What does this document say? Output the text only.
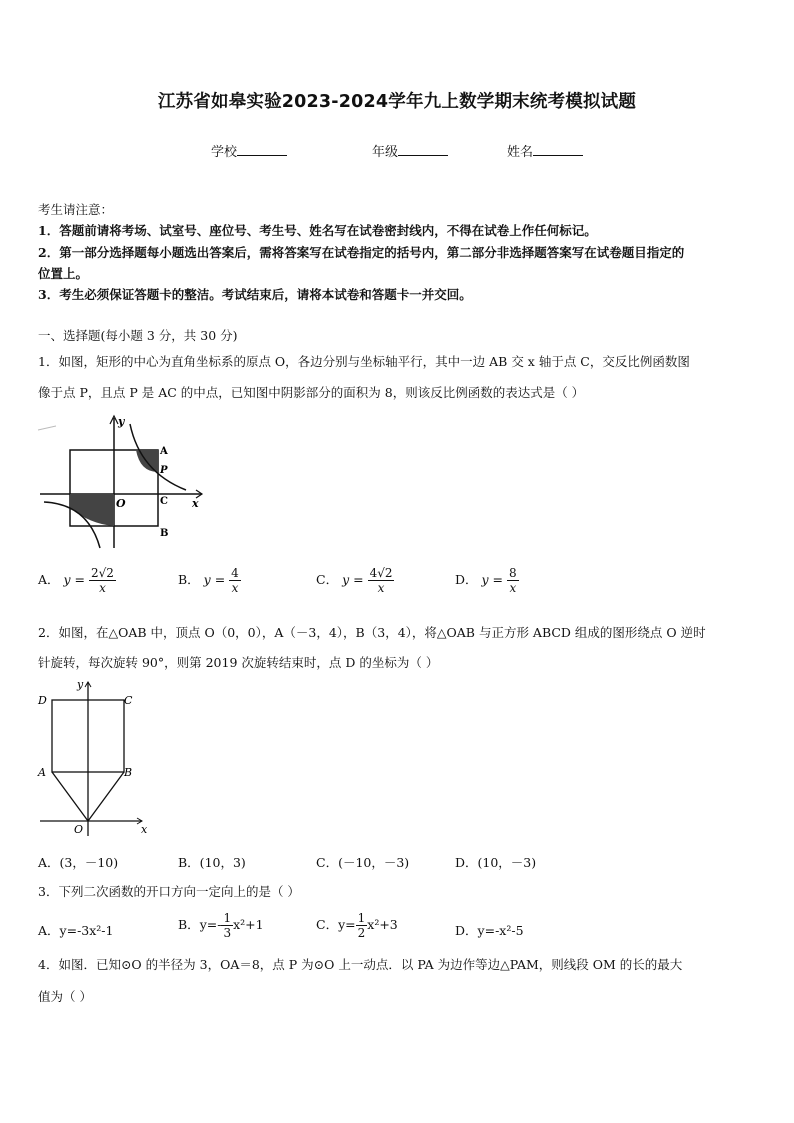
江苏省如皋实验2023-2024学年九上数学期末统考模拟试题
学校	年级	姓名
考生请注意：
1．答题前请将考场、试室号、座位号、考生号、姓名写在试卷密封线内，不得在试卷上作任何标记。
2．第一部分选择题每小题选出答案后，需将答案写在试卷指定的括号内，第二部分非选择题答案写在试卷题目指定的
位置上。
3．考生必须保证答题卡的整洁。考试结束后，请将本试卷和答题卡一并交回。
一、选择题(每小题 3 分，共 30 分)
1．如图，矩形的中心为直角坐标系的原点 O，各边分别与坐标轴平行，其中一边 AB 交 x 轴于点 C，交反比例函数图
像于点 P，且点 P 是 AC 的中点，已知图中阴影部分的面积为 8，则该反比例函数的表达式是（ ）
y
x
O
A
P
C
B
A． $y = \frac{2√2}{x}$	B． $y = \frac{4}{x}$	C． $y = \frac{4√2}{x}$	D． $y = \frac{8}{x}$
2．如图，在△OAB 中，顶点 O（0，0），A（－3，4），B（3，4），将△OAB 与正方形 ABCD 组成的图形绕点 O 逆时
针旋转，每次旋转 90°，则第 2019 次旋转结束时，点 D 的坐标为（ ）
y
D	C
A	B
O	x
A．(3，－10)	B．(10，3)	C．(－10，－3)	D．(10，－3)
3．下列二次函数的开口方向一定向上的是（ ）
A．y=-3x²-1	B．$y=- \frac{1}{3} x^2+1$	C．$y= \frac{1}{2} x^2+3$	D．y=-x²-5
4．如图．已知⊙O 的半径为 3，OA＝8，点 P 为⊙O 上一动点．以 PA 为边作等边△PAM，则线段 OM 的长的最大
值为（ ）
